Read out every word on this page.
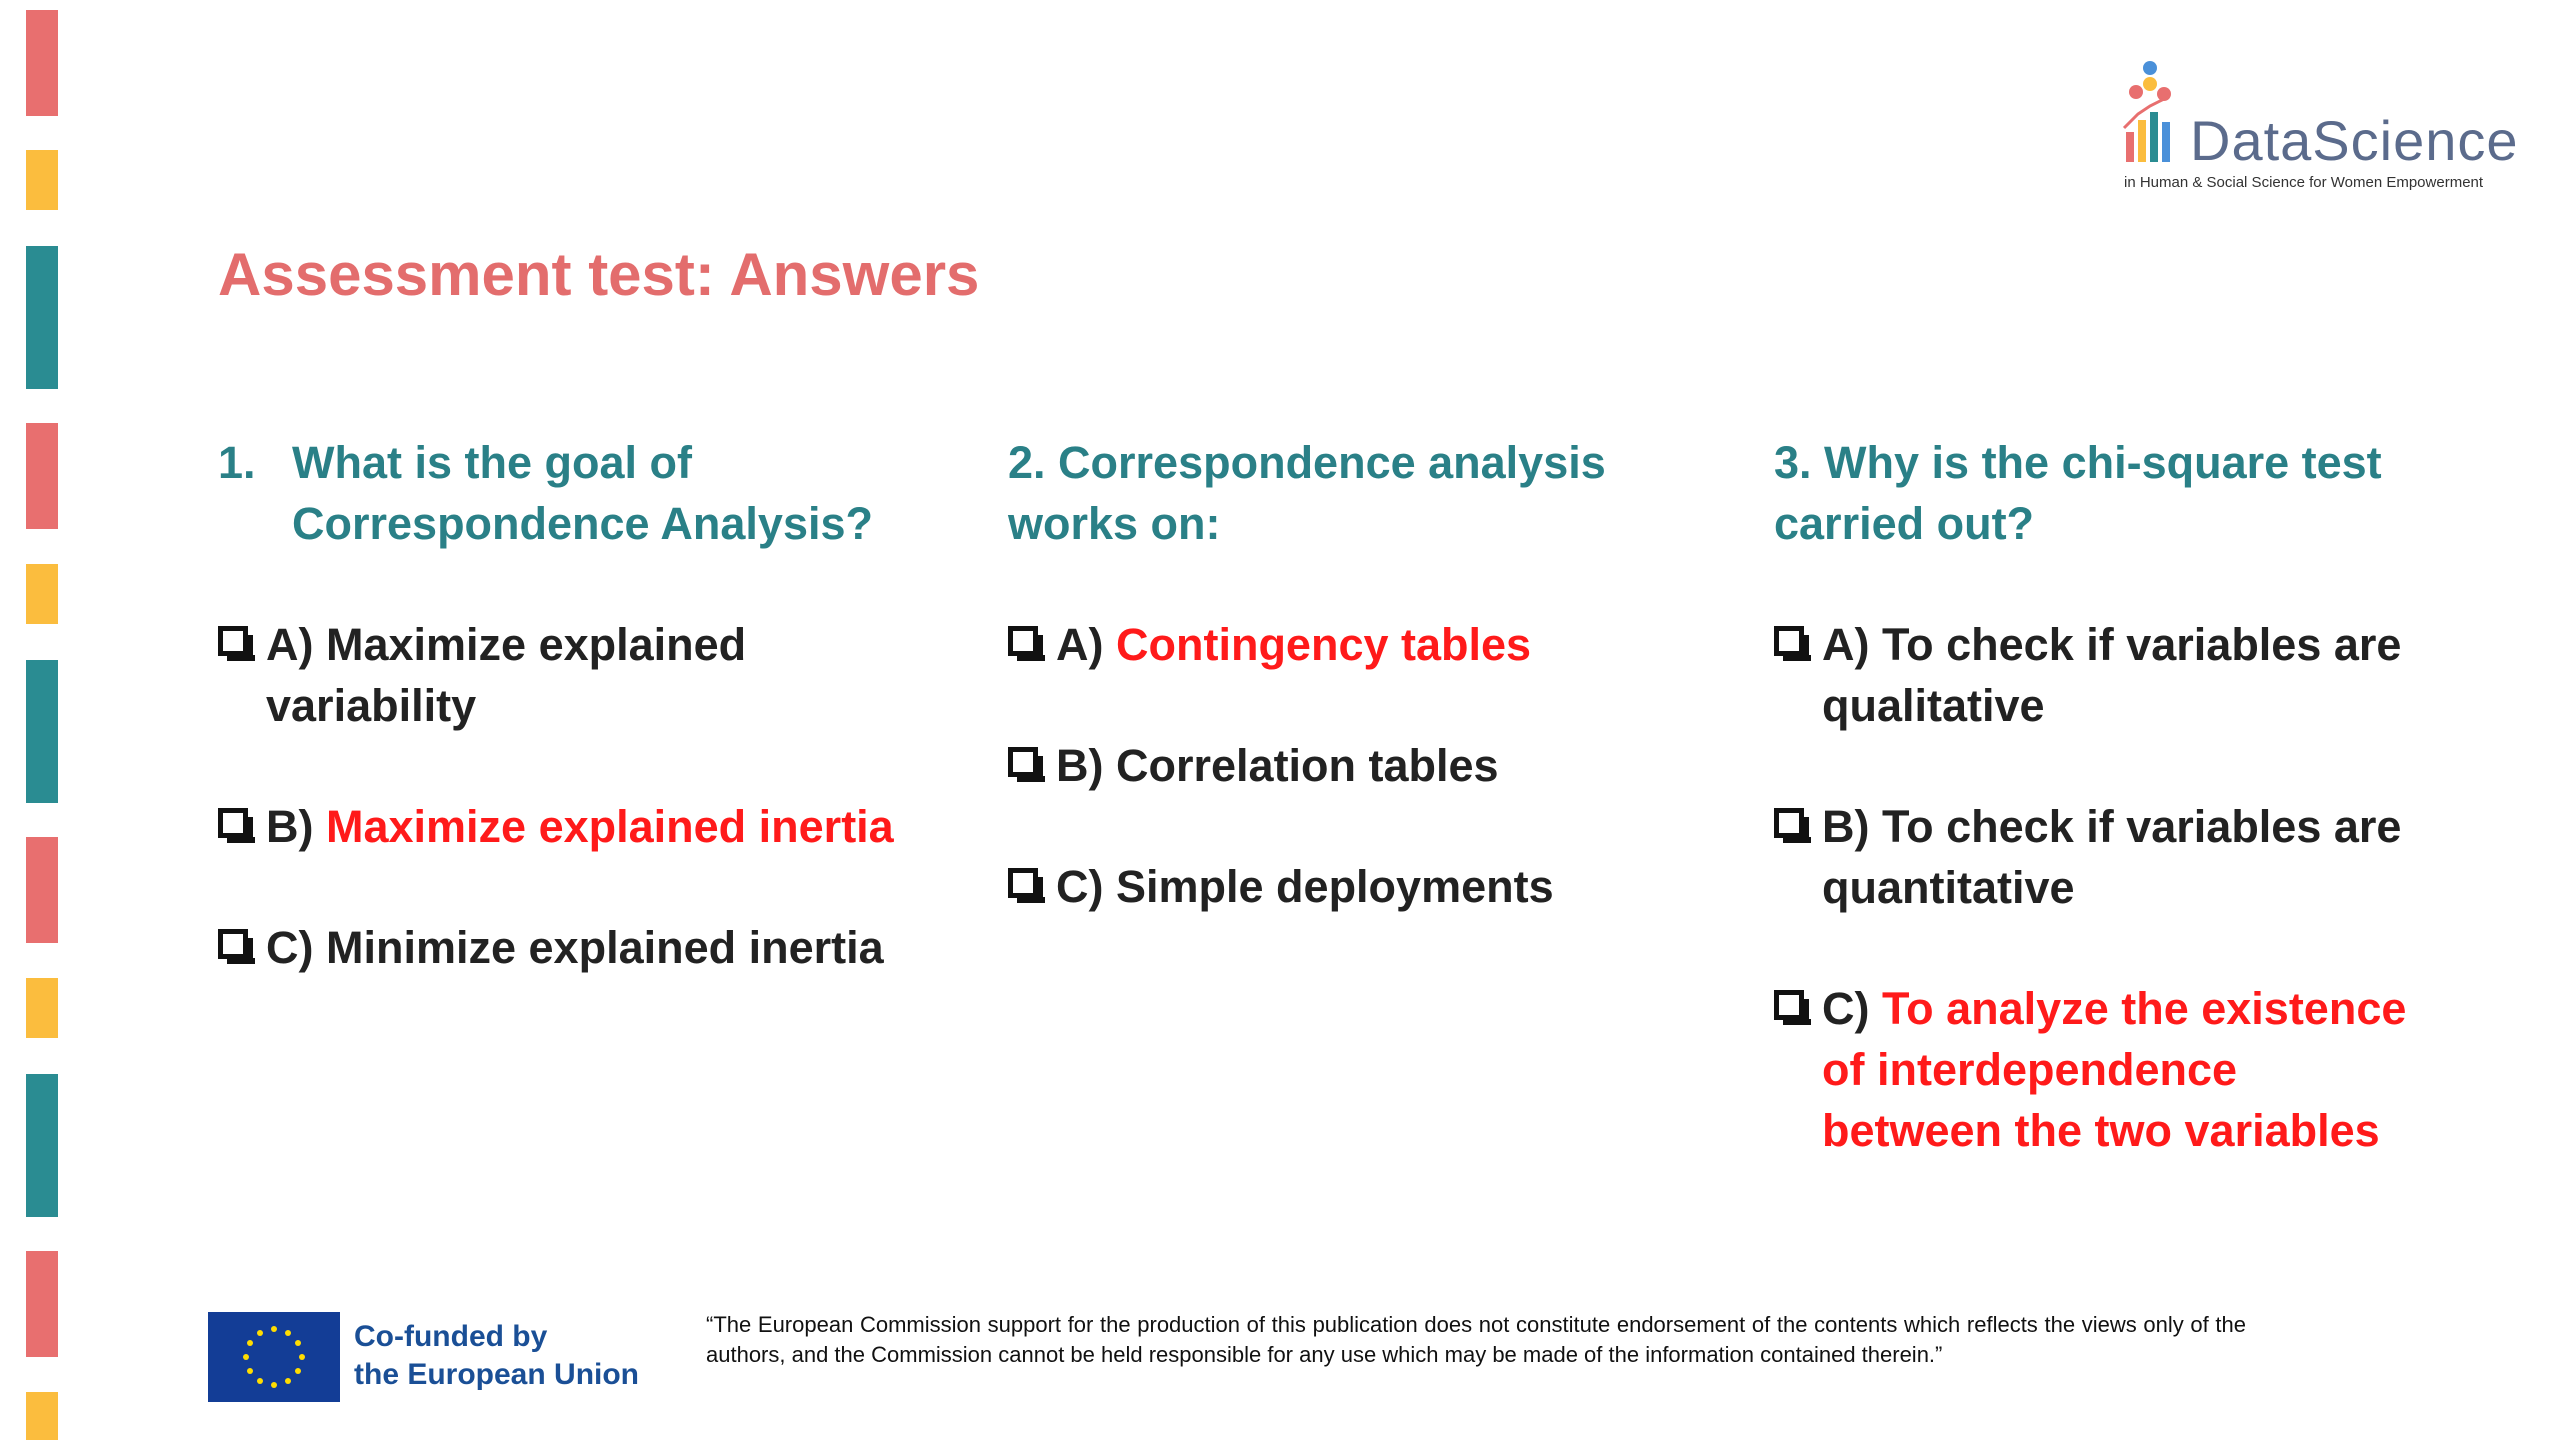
DataScience
in Human & Social Science for Women Empowerment
Assessment test: Answers
1. What is the goal of Correspondence Analysis?
A) Maximize explained variability
B) Maximize explained inertia
C) Minimize explained inertia
2. Correspondence analysis works on:
A) Contingency tables
B) Correlation tables
C) Simple deployments
3. Why is the chi-square test carried out?
A) To check if variables are qualitative
B) To check if variables are quantitative
C) To analyze the existence of interdependence between the two variables
Co-funded by
the European Union
“The European Commission support for the production of this publication does not constitute endorsement of the contents which reflects the views only of the authors, and the Commission cannot be held responsible for any use which may be made of the information contained therein.”
